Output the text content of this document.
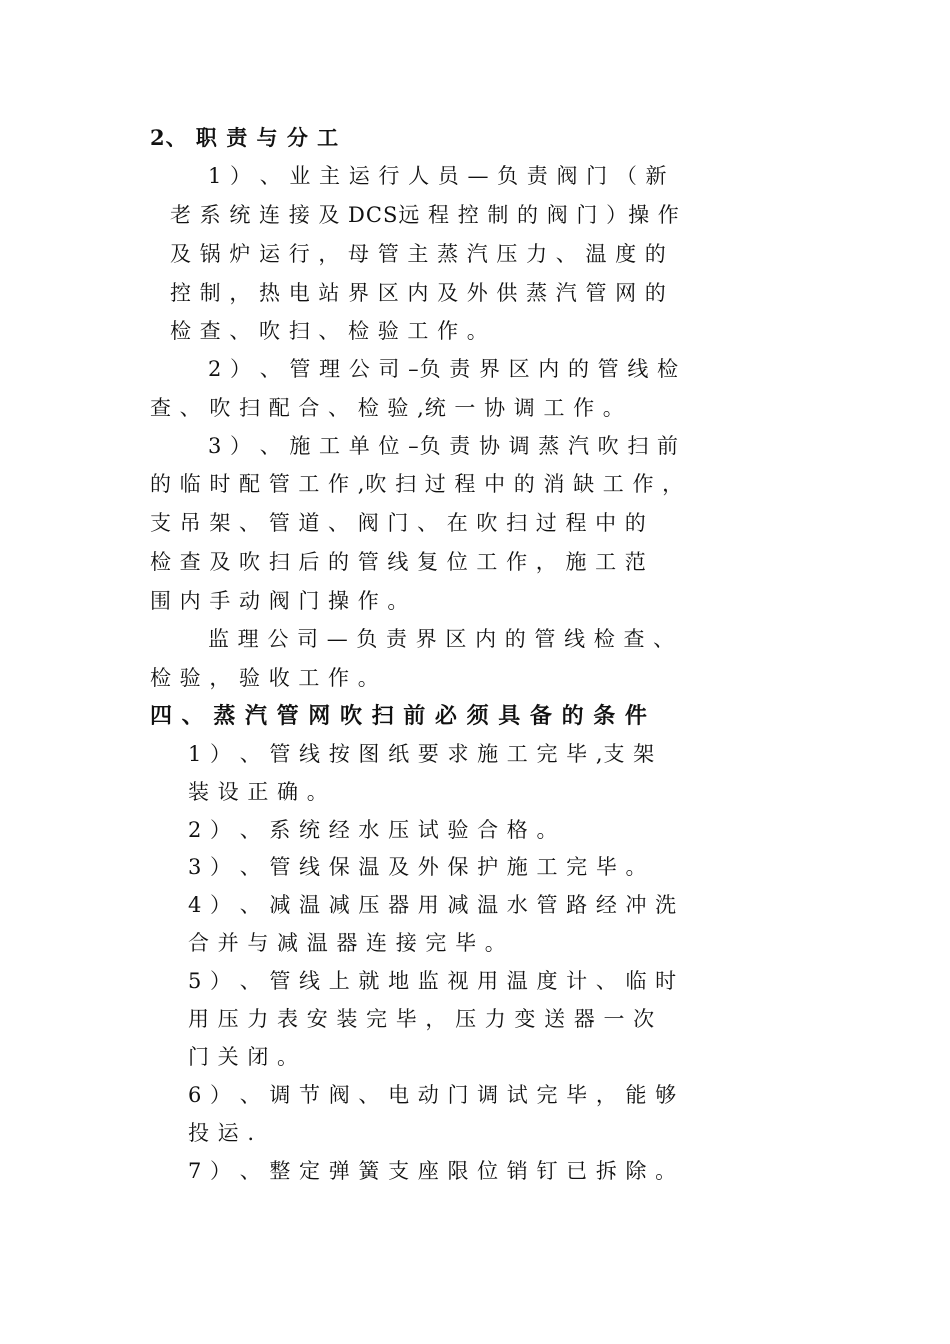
2、 职 责 与 分 工
1 ） 、 业 主 运 行 人 员 — 负 责 阀 门 （ 新
老 系 统 连 接 及 DCS远 程 控 制 的 阀 门 ）操 作
及 锅 炉 运 行 ， 母 管 主 蒸 汽 压 力 、 温 度 的
控 制 ， 热 电 站 界 区 内 及 外 供 蒸 汽 管 网 的
检 查 、 吹 扫 、 检 验 工 作 。
2 ） 、 管 理 公 司 –负 责 界 区 内 的 管 线 检
查 、 吹 扫 配 合 、 检 验 ,统 一 协 调 工 作 。
3 ） 、 施 工 单 位 –负 责 协 调 蒸 汽 吹 扫 前
的 临 时 配 管 工 作 ,吹 扫 过 程 中 的 消 缺 工 作 ，
支 吊 架 、 管 道 、 阀 门 、 在 吹 扫 过 程 中 的
检 查 及 吹 扫 后 的 管 线 复 位 工 作 ， 施 工 范
围 内 手 动 阀 门 操 作 。
监 理 公 司 — 负 责 界 区 内 的 管 线 检 查 、
检 验 ， 验 收 工 作 。
四 、 蒸 汽 管 网 吹 扫 前 必 须 具 备 的 条 件
1 ） 、 管 线 按 图 纸 要 求 施 工 完 毕 ,支 架
装 设 正 确 。
2 ） 、 系 统 经 水 压 试 验 合 格 。
3 ） 、 管 线 保 温 及 外 保 护 施 工 完 毕 。
4 ） 、 减 温 减 压 器 用 减 温 水 管 路 经 冲 洗
合 并 与 减 温 器 连 接 完 毕 。
5 ） 、 管 线 上 就 地 监 视 用 温 度 计 、 临 时
用 压 力 表 安 装 完 毕 ， 压 力 变 送 器 一 次
门 关 闭 。
6 ） 、 调 节 阀 、 电 动 门 调 试 完 毕 ， 能 够
投 运 .
7 ） 、 整 定 弹 簧 支 座 限 位 销 钉 已 拆 除 。
